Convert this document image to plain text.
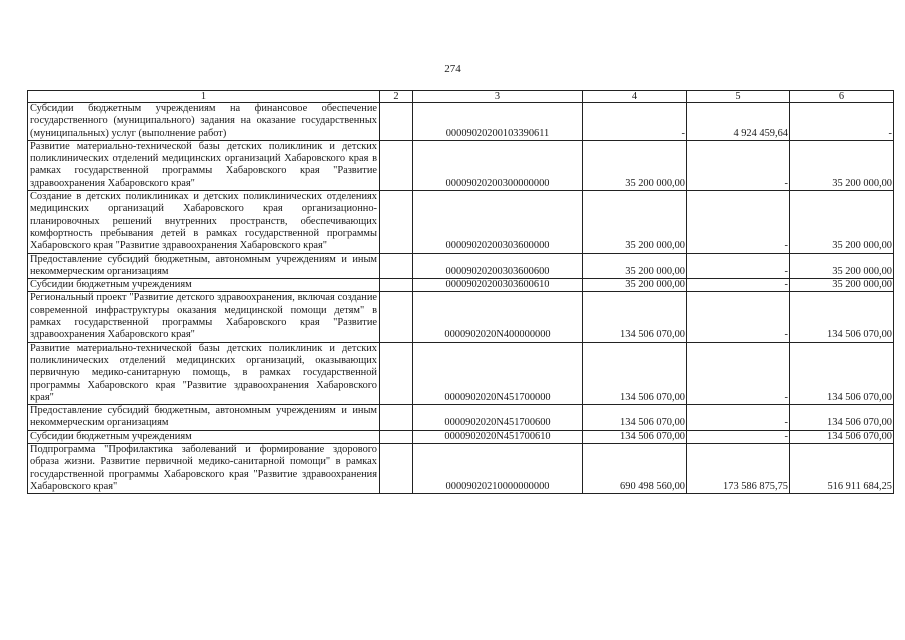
274
1	2	3	4	5	6
Субсидии бюджетным учреждениям на финансовое обеспечение государственного (муниципального) задания на оказание государственных (муниципальных) услуг (выполнение работ)		00009020200103390611	-	4 924 459,64	-
Развитие материально-технической базы детских поликлиник и детских поликлинических отделений медицинских организаций Хабаровского края в рамках государственной программы Хабаровского края "Развитие здравоохранения Хабаровского края"		00009020200300000000	35 200 000,00	-	35 200 000,00
Создание в детских поликлиниках и детских поликлинических отделениях медицинских организаций Хабаровского края организационно-планировочных решений внутренних пространств, обеспечивающих комфортность пребывания детей в рамках государственной программы Хабаровского края "Развитие здравоохранения Хабаровского края"		00009020200303600000	35 200 000,00	-	35 200 000,00
Предоставление субсидий бюджетным, автономным учреждениям и иным некоммерческим организациям		00009020200303600600	35 200 000,00	-	35 200 000,00
Субсидии бюджетным учреждениям		00009020200303600610	35 200 000,00	-	35 200 000,00
Региональный проект "Развитие детского здравоохранения, включая создание современной инфраструктуры оказания медицинской помощи детям" в рамках государственной программы Хабаровского края "Развитие здравоохранения Хабаровского края"		0000902020N400000000	134 506 070,00	-	134 506 070,00
Развитие материально-технической базы детских поликлиник и детских поликлинических отделений медицинских организаций, оказывающих первичную медико-санитарную помощь, в рамках государственной программы Хабаровского края "Развитие здравоохранения Хабаровского края"		0000902020N451700000	134 506 070,00	-	134 506 070,00
Предоставление субсидий бюджетным, автономным учреждениям и иным некоммерческим организациям		0000902020N451700600	134 506 070,00	-	134 506 070,00
Субсидии бюджетным учреждениям		0000902020N451700610	134 506 070,00	-	134 506 070,00
Подпрограмма "Профилактика заболеваний и формирование здорового образа жизни. Развитие первичной медико-санитарной помощи" в рамках государственной программы Хабаровского края "Развитие здравоохранения Хабаровского края"		00009020210000000000	690 498 560,00	173 586 875,75	516 911 684,25
